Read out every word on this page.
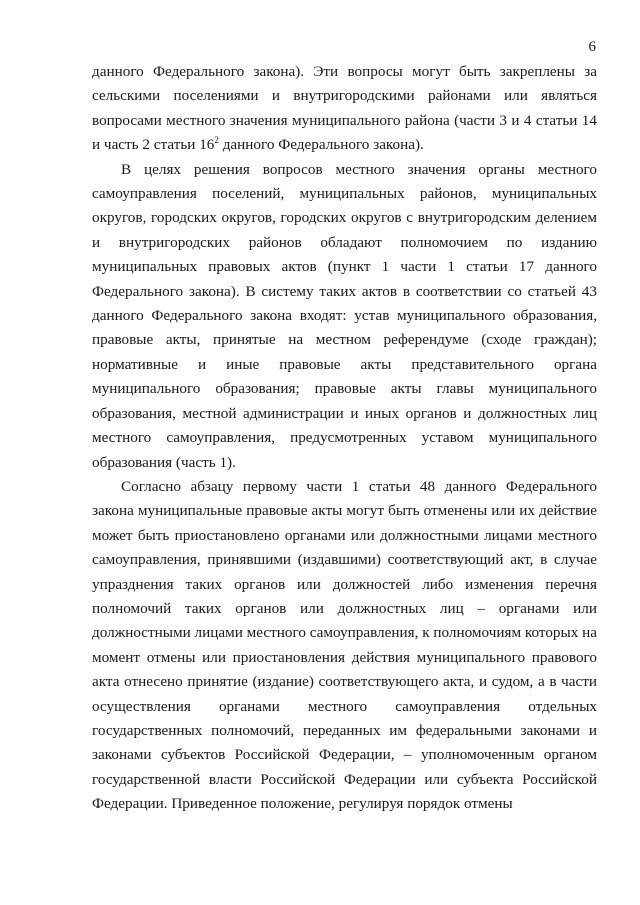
6

данного Федерального закона). Эти вопросы могут быть закреплены за сельскими поселениями и внутригородскими районами или являться вопросами местного значения муниципального района (части 3 и 4 статьи 14 и часть 2 статьи $16^2$ данного Федерального закона).

В целях решения вопросов местного значения органы местного самоуправления поселений, муниципальных районов, муниципальных округов, городских округов, городских округов с внутригородским делением и внутригородских районов обладают полномочием по изданию муниципальных правовых актов (пункт 1 части 1 статьи 17 данного Федерального закона). В систему таких актов в соответствии со статьей 43 данного Федерального закона входят: устав муниципального образования, правовые акты, принятые на местном референдуме (сходе граждан); нормативные и иные правовые акты представительного органа муниципального образования; правовые акты главы муниципального образования, местной администрации и иных органов и должностных лиц местного самоуправления, предусмотренных уставом муниципального образования (часть 1).

Согласно абзацу первому части 1 статьи 48 данного Федерального закона муниципальные правовые акты могут быть отменены или их действие может быть приостановлено органами или должностными лицами местного самоуправления, принявшими (издавшими) соответствующий акт, в случае упразднения таких органов или должностей либо изменения перечня полномочий таких органов или должностных лиц – органами или должностными лицами местного самоуправления, к полномочиям которых на момент отмены или приостановления действия муниципального правового акта отнесено принятие (издание) соответствующего акта, и судом, а в части осуществления органами местного самоуправления отдельных государственных полномочий, переданных им федеральными законами и законами субъектов Российской Федерации, – уполномоченным органом государственной власти Российской Федерации или субъекта Российской Федерации. Приведенное положение, регулируя порядок отмены
